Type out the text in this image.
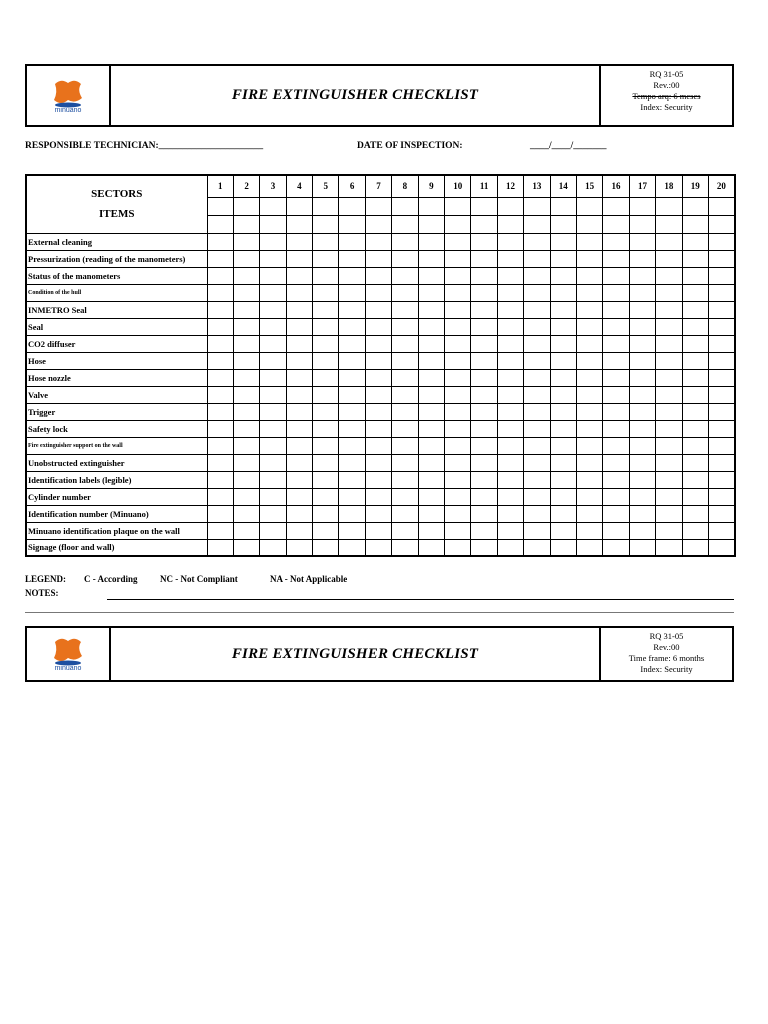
minuano
FIRE EXTINGUISHER CHECKLIST
RQ 31-05
Rev.:00
Tempo arq: 6 meses
Index: Security
RESPONSIBLE TECHNICIAN:______________________	DATE OF INSPECTION:	____/____/_______
SECTORS
ITEMS	1	2	3	4	5	6	7	8	9	10	11	12	13	14	15	16	17	18	19	20

External cleaning																				
Pressurization (reading of the manometers)																				
Status of the manometers																				
Condition of the hull																				
INMETRO Seal																				
Seal																				
CO2 diffuser																				
Hose																				
Hose nozzle																				
Valve																				
Trigger																				
Safety lock																				
Fire extinguisher support on the wall																				
Unobstructed extinguisher																				
Identification labels (legible)																				
Cylinder number																				
Identification number (Minuano)																				
Minuano identification plaque on the wall																				
Signage (floor and wall)																				
LEGEND: C - According	NC - Not Compliant	NA - Not Applicable
NOTES:
minuano
FIRE EXTINGUISHER CHECKLIST
RQ 31-05
Rev.:00
Time frame: 6 months
Index: Security
